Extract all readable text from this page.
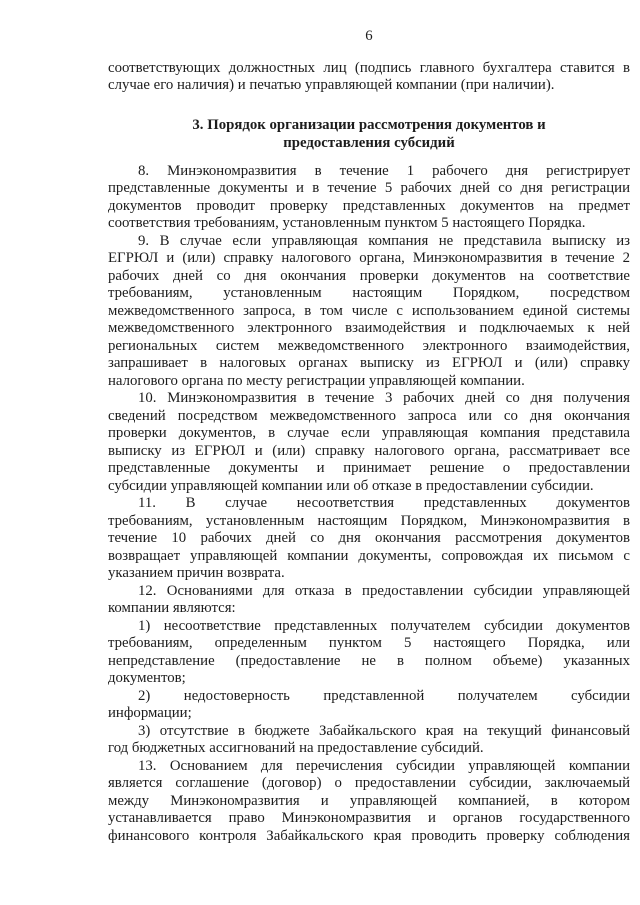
6
соответствующих должностных лиц (подпись главного бухгалтера ставится в
случае его наличия) и печатью управляющей компании (при наличии).
3. Порядок организации рассмотрения документов и
предоставления субсидий
8. Минэкономразвития в течение 1 рабочего дня регистрирует
представленные документы и в течение 5 рабочих дней со дня регистрации
документов проводит проверку представленных документов на предмет
соответствия требованиям, установленным пунктом 5 настоящего Порядка.
9. В случае если управляющая компания не представила выписку из
ЕГРЮЛ и (или) справку налогового органа, Минэкономразвития в течение 2
рабочих дней со дня окончания проверки документов на соответствие
требованиям, установленным настоящим Порядком, посредством
межведомственного запроса, в том числе с использованием единой системы
межведомственного электронного взаимодействия и подключаемых к ней
региональных систем межведомственного электронного взаимодействия,
запрашивает в налоговых органах выписку из ЕГРЮЛ и (или) справку
налогового органа по месту регистрации управляющей компании.
10. Минэкономразвития в течение 3 рабочих дней со дня получения
сведений посредством межведомственного запроса или со дня окончания
проверки документов, в случае если управляющая компания представила
выписку из ЕГРЮЛ и (или) справку налогового органа, рассматривает все
представленные документы и принимает решение о предоставлении
субсидии управляющей компании или об отказе в предоставлении субсидии.
11. В случае несоответствия представленных документов
требованиям, установленным настоящим Порядком, Минэкономразвития в
течение 10 рабочих дней со дня окончания рассмотрения документов
возвращает управляющей компании документы, сопровождая их письмом с
указанием причин возврата.
12. Основаниями для отказа в предоставлении субсидии управляющей
компании являются:
1) несоответствие представленных получателем субсидии документов
требованиям, определенным пунктом 5 настоящего Порядка, или
непредставление (предоставление не в полном объеме) указанных
документов;
2) недостоверность представленной получателем субсидии
информации;
3) отсутствие в бюджете Забайкальского края на текущий финансовый
год бюджетных ассигнований на предоставление субсидий.
13. Основанием для перечисления субсидии управляющей компании
является соглашение (договор) о предоставлении субсидии, заключаемый
между Минэкономразвития и управляющей компанией, в котором
устанавливается право Минэкономразвития и органов государственного
финансового контроля Забайкальского края проводить проверку соблюдения
